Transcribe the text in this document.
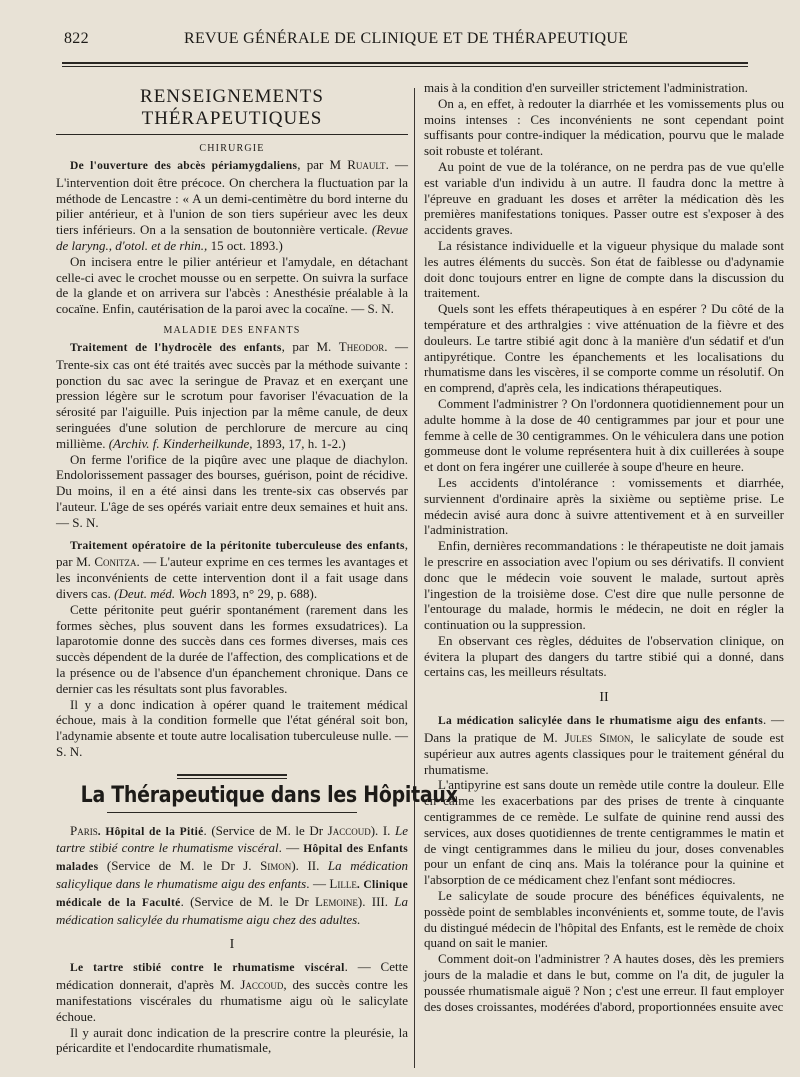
822	REVUE GÉNÉRALE DE CLINIQUE ET DE THÉRAPEUTIQUE
RENSEIGNEMENTS THÉRAPEUTIQUES
CHIRURGIE

De l'ouverture des abcès périamygdaliens, par M Ruault. — L'intervention doit être précoce. On cherchera la fluctuation par la méthode de Lencastre : « A un demi-centimètre du bord interne du pilier antérieur, et à l'union de son tiers supérieur avec les deux tiers inférieurs. On a la sensation de boutonnière verticale. (Revue de laryng., d'otol. et de rhin., 15 oct. 1893.)

On incisera entre le pilier antérieur et l'amydale, en détachant celle-ci avec le crochet mousse ou en serpette. On suivra la surface de la glande et on arrivera sur l'abcès : Anesthésie préalable à la cocaïne. Enfin, cautérisation de la paroi avec la cocaïne. — S. N.

MALADIE DES ENFANTS

Traitement de l'hydrocèle des enfants, par M. Theodor. — Trente-six cas ont été traités avec succès par la méthode suivante : ponction du sac avec la seringue de Pravaz et en exerçant une pression légère sur le scrotum pour favoriser l'évacuation de la sérosité par l'aiguille. Puis injection par la même canule, de deux seringuées d'une solution de perchlorure de mercure au cinq millième. (Archiv. f. Kinderheilkunde, 1893, 17, h. 1-2.)

On ferme l'orifice de la piqûre avec une plaque de diachylon. Endolorissement passager des bourses, guérison, point de récidive. Du moins, il en a été ainsi dans les trente-six cas observés par l'auteur. L'âge de ses opérés variait entre deux semaines et huit ans. — S. N.

Traitement opératoire de la péritonite tuberculeuse des enfants, par M. Conitza. — L'auteur exprime en ces termes les avantages et les inconvénients de cette intervention dont il a fait usage dans divers cas. (Deut. méd. Woch 1893, n° 29, p. 688).

Cette péritonite peut guérir spontanément (rarement dans les formes sèches, plus souvent dans les formes exsudatrices). La laparotomie donne des succès dans ces formes diverses, mais ces succès dépendent de la durée de l'affection, des complications et de la présence ou de l'absence d'un épanchement chronique. Dans ce dernier cas les résultats sont plus favorables.

Il y a donc indication à opérer quand le traitement médical échoue, mais à la condition formelle que l'état général soit bon, l'adynamie absente et toute autre localisation tuberculeuse nulle. — S. N.

La Thérapeutique dans les Hôpitaux

Paris. Hôpital de la Pitié. (Service de M. le Dr Jaccoud). I. Le tartre stibié contre le rhumatisme viscéral. — Hôpital des Enfants malades (Service de M. le Dr J. Simon). II. La médication salicylique dans le rhumatisme aigu des enfants. — Lille. Clinique médicale de la Faculté. (Service de M. le Dr Lemoine). III. La médication salicylée du rhumatisme aigu chez des adultes.

I

Le tartre stibié contre le rhumatisme viscéral. — Cette médication donnerait, d'après M. Jaccoud, des succès contre les manifestations viscérales du rhumatisme aigu où le salicylate échoue.

Il y aurait donc indication de la prescrire contre la pleurésie, la péricardite et l'endocardite rhumatismale,

mais à la condition d'en surveiller strictement l'administration.

On a, en effet, à redouter la diarrhée et les vomissements plus ou moins intenses : Ces inconvénients ne sont cependant point suffisants pour contre-indiquer la médication, pourvu que le malade soit robuste et tolérant.

Au point de vue de la tolérance, on ne perdra pas de vue qu'elle est variable d'un individu à un autre. Il faudra donc la mettre à l'épreuve en graduant les doses et arrêter la médication dès les premières manifestations toniques. Passer outre est s'exposer à des accidents graves.

La résistance individuelle et la vigueur physique du malade sont les autres éléments du succès. Son état de faiblesse ou d'adynamie doit donc toujours entrer en ligne de compte dans la discussion du traitement.

Quels sont les effets thérapeutiques à en espérer ? Du côté de la température et des arthralgies : vive atténuation de la fièvre et des douleurs. Le tartre stibié agit donc à la manière d'un sédatif et d'un antipyrétique. Contre les épanchements et les localisations du rhumatisme dans les viscères, il se comporte comme un résolutif. On en comprend, d'après cela, les indications thérapeutiques.

Comment l'administrer ? On l'ordonnera quotidiennement pour un adulte homme à la dose de 40 centigrammes par jour et pour une femme à celle de 30 centigrammes. On le véhiculera dans une potion gommeuse dont le volume représentera huit à dix cuillerées à soupe et dont on fera ingérer une cuillerée à soupe d'heure en heure.

Les accidents d'intolérance : vomissements et diarrhée, surviennent d'ordinaire après la sixième ou septième prise. Le médecin avisé aura donc à suivre attentivement et à en surveiller l'administration.

Enfin, dernières recommandations : le thérapeutiste ne doit jamais le prescrire en association avec l'opium ou ses dérivatifs. Il convient donc que le médecin voie souvent le malade, surtout après l'ingestion de la troisième dose. C'est dire que nulle personne de l'entourage du malade, hormis le médecin, ne doit en régler la continuation ou la suppression.

En observant ces règles, déduites de l'observation clinique, on évitera la plupart des dangers du tartre stibié qui a donné, dans certains cas, les meilleurs résultats.

II

La médication salicylée dans le rhumatisme aigu des enfants. — Dans la pratique de M. Jules Simon, le salicylate de soude est supérieur aux autres agents classiques pour le traitement général du rhumatisme.

L'antipyrine est sans doute un remède utile contre la douleur. Elle en calme les exacerbations par des prises de trente à cinquante centigrammes de ce remède. Le sulfate de quinine rend aussi des services, aux doses quotidiennes de trente centigrammes le matin et de vingt centigrammes dans le milieu du jour, doses convenables pour un enfant de cinq ans. Mais la tolérance pour la quinine et l'absorption de ce médicament chez l'enfant sont médiocres.

Le salicylate de soude procure des bénéfices équivalents, ne possède point de semblables inconvénients et, somme toute, de l'avis du distingué médecin de l'hôpital des Enfants, est le remède de choix quand on sait le manier.

Comment doit-on l'administrer ? A hautes doses, dès les premiers jours de la maladie et dans le but, comme on l'a dit, de juguler la poussée rhumatismale aiguë ? Non ; c'est une erreur. Il faut employer des doses croissantes, modérées d'abord, proportionnées ensuite avec
